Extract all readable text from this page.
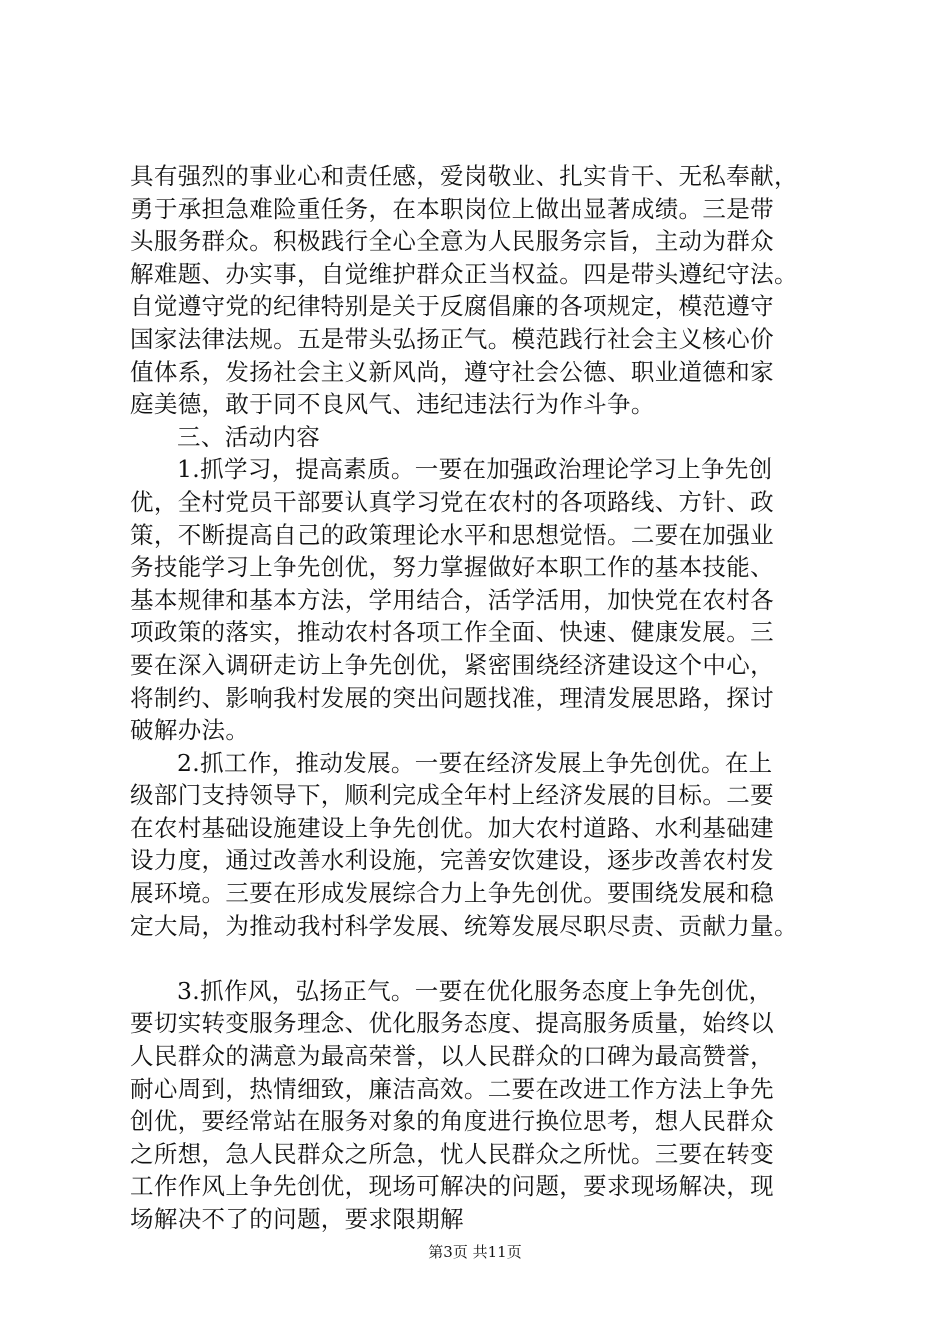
具有强烈的事业心和责任感，爱岗敬业、扎实肯干、无私奉献，
勇于承担急难险重任务，在本职岗位上做出显著成绩。三是带
头服务群众。积极践行全心全意为人民服务宗旨，主动为群众
解难题、办实事，自觉维护群众正当权益。四是带头遵纪守法。
自觉遵守党的纪律特别是关于反腐倡廉的各项规定，模范遵守
国家法律法规。五是带头弘扬正气。模范践行社会主义核心价
值体系，发扬社会主义新风尚，遵守社会公德、职业道德和家
庭美德，敢于同不良风气、违纪违法行为作斗争。
三、活动内容
1.抓学习，提高素质。一要在加强政治理论学习上争先创
优，全村党员干部要认真学习党在农村的各项路线、方针、政
策，不断提高自己的政策理论水平和思想觉悟。二要在加强业
务技能学习上争先创优，努力掌握做好本职工作的基本技能、
基本规律和基本方法，学用结合，活学活用，加快党在农村各
项政策的落实，推动农村各项工作全面、快速、健康发展。三
要在深入调研走访上争先创优，紧密围绕经济建设这个中心，
将制约、影响我村发展的突出问题找准，理清发展思路，探讨
破解办法。
2.抓工作，推动发展。一要在经济发展上争先创优。在上
级部门支持领导下，顺利完成全年村上经济发展的目标。二要
在农村基础设施建设上争先创优。加大农村道路、水利基础建
设力度，通过改善水利设施，完善安饮建设，逐步改善农村发
展环境。三要在形成发展综合力上争先创优。要围绕发展和稳
定大局，为推动我村科学发展、统筹发展尽职尽责、贡献力量。
3.抓作风，弘扬正气。一要在优化服务态度上争先创优，
要切实转变服务理念、优化服务态度、提高服务质量，始终以
人民群众的满意为最高荣誉，以人民群众的口碑为最高赞誉，
耐心周到，热情细致，廉洁高效。二要在改进工作方法上争先
创优，要经常站在服务对象的角度进行换位思考，想人民群众
之所想，急人民群众之所急，忧人民群众之所忧。三要在转变
工作作风上争先创优，现场可解决的问题，要求现场解决，现
场解决不了的问题，要求限期解
第3页 共11页
